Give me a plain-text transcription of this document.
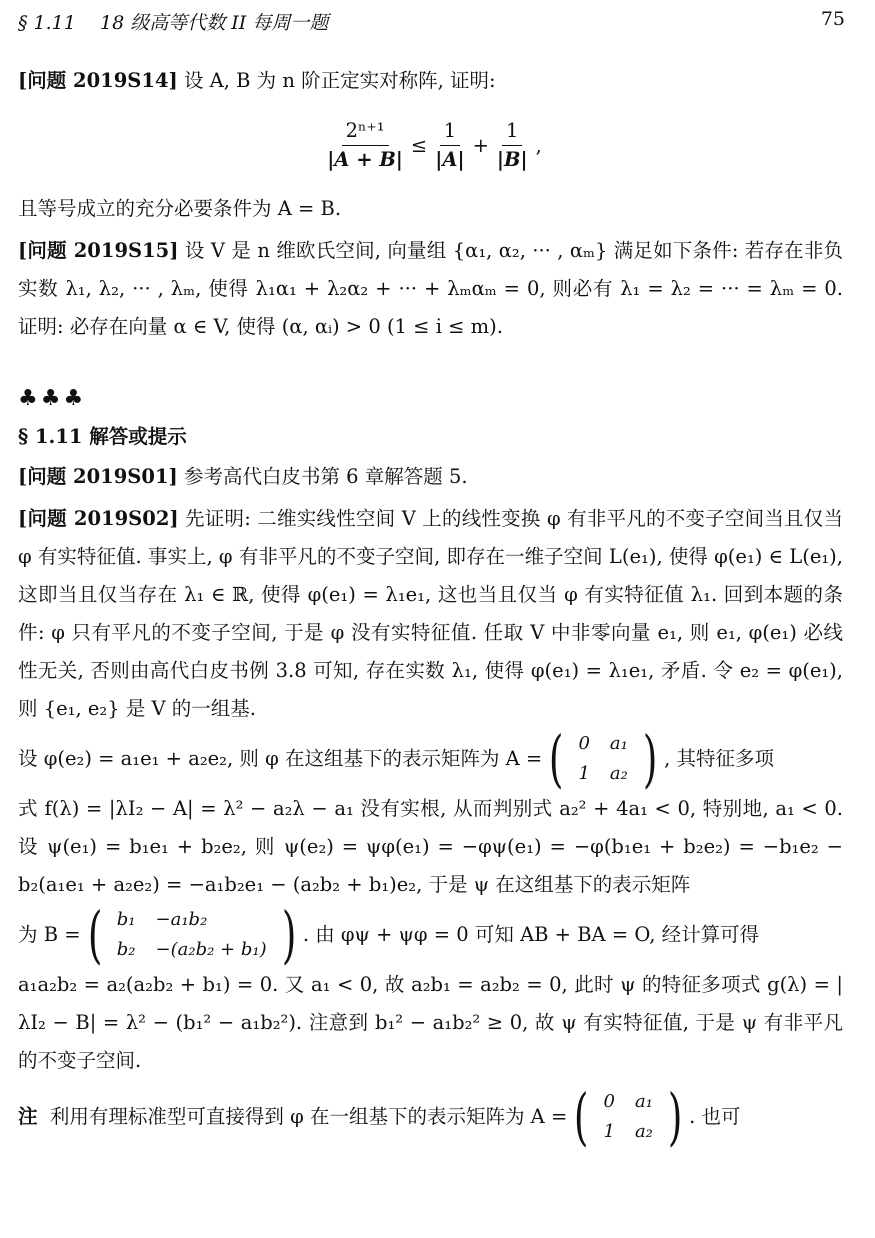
§ 1.11 18 级高等代数 II 每周一题	75

[问题 2019S14] 设 A, B 为 n 阶正定实对称阵, 证明:

$\frac{\text{2ⁿ⁺¹}}{|A + B|} \le \frac{1}{|A|} + \frac{1}{|B|}$ ,

且等号成立的充分必要条件为 A = B.

[问题 2019S15] 设 V 是 n 维欧氏空间, 向量组 {α₁, α₂, ··· , αₘ} 满足如下条件: 若存在非负实数 λ₁, λ₂, ··· , λₘ, 使得 λ₁α₁ + λ₂α₂ + ··· + λₘαₘ = 0, 则必有 λ₁ = λ₂ = ··· = λₘ = 0. 证明: 必存在向量 α ∈ V, 使得 (α, αᵢ) > 0 (1 ≤ i ≤ m).

♣♣♣
§ 1.11 解答或提示

[问题 2019S01] 参考高代白皮书第 6 章解答题 5.

[问题 2019S02] 先证明: 二维实线性空间 V 上的线性变换 φ 有非平凡的不变子空间当且仅当 φ 有实特征值. 事实上, φ 有非平凡的不变子空间, 即存在一维子空间 L(e₁), 使得 φ(e₁) ∈ L(e₁), 这即当且仅当存在 λ₁ ∈ ℝ, 使得 φ(e₁) = λ₁e₁, 这也当且仅当 φ 有实特征值 λ₁. 回到本题的条件: φ 只有平凡的不变子空间, 于是 φ 没有实特征值. 任取 V 中非零向量 e₁, 则 e₁, φ(e₁) 必线性无关, 否则由高代白皮书例 3.8 可知, 存在实数 λ₁, 使得 φ(e₁) = λ₁e₁, 矛盾. 令 e₂ = φ(e₁), 则 {e₁, e₂} 是 V 的一组基.

设 φ(e₂) = a₁e₁ + a₂e₂, 则 φ 在这组基下的表示矩阵为 A = ( 0	a₁
1	a₂ ) , 其特征多项

式 f(λ) = |λI₂ − A| = λ² − a₂λ − a₁ 没有实根, 从而判别式 a₂² + 4a₁ < 0, 特别地, a₁ < 0. 设 ψ(e₁) = b₁e₁ + b₂e₂, 则 ψ(e₂) = ψφ(e₁) = −φψ(e₁) = −φ(b₁e₁ + b₂e₂) = −b₁e₂ − b₂(a₁e₁ + a₂e₂) = −a₁b₂e₁ − (a₂b₂ + b₁)e₂, 于是 ψ 在这组基下的表示矩阵

为 B = ( b₁	−a₁b₂
b₂	−(a₂b₂ + b₁) ) . 由 φψ + ψφ = 0 可知 AB + BA = O, 经计算可得

a₁a₂b₂ = a₂(a₂b₂ + b₁) = 0. 又 a₁ < 0, 故 a₂b₁ = a₂b₂ = 0, 此时 ψ 的特征多项式 g(λ) = |λI₂ − B| = λ² − (b₁² − a₁b₂²). 注意到 b₁² − a₁b₂² ≥ 0, 故 ψ 有实特征值, 于是 ψ 有非平凡的不变子空间.

注
利用有理标准型可直接得到 φ 在一组基下的表示矩阵为 A = ( 0	a₁
1	a₂ ) . 也可
